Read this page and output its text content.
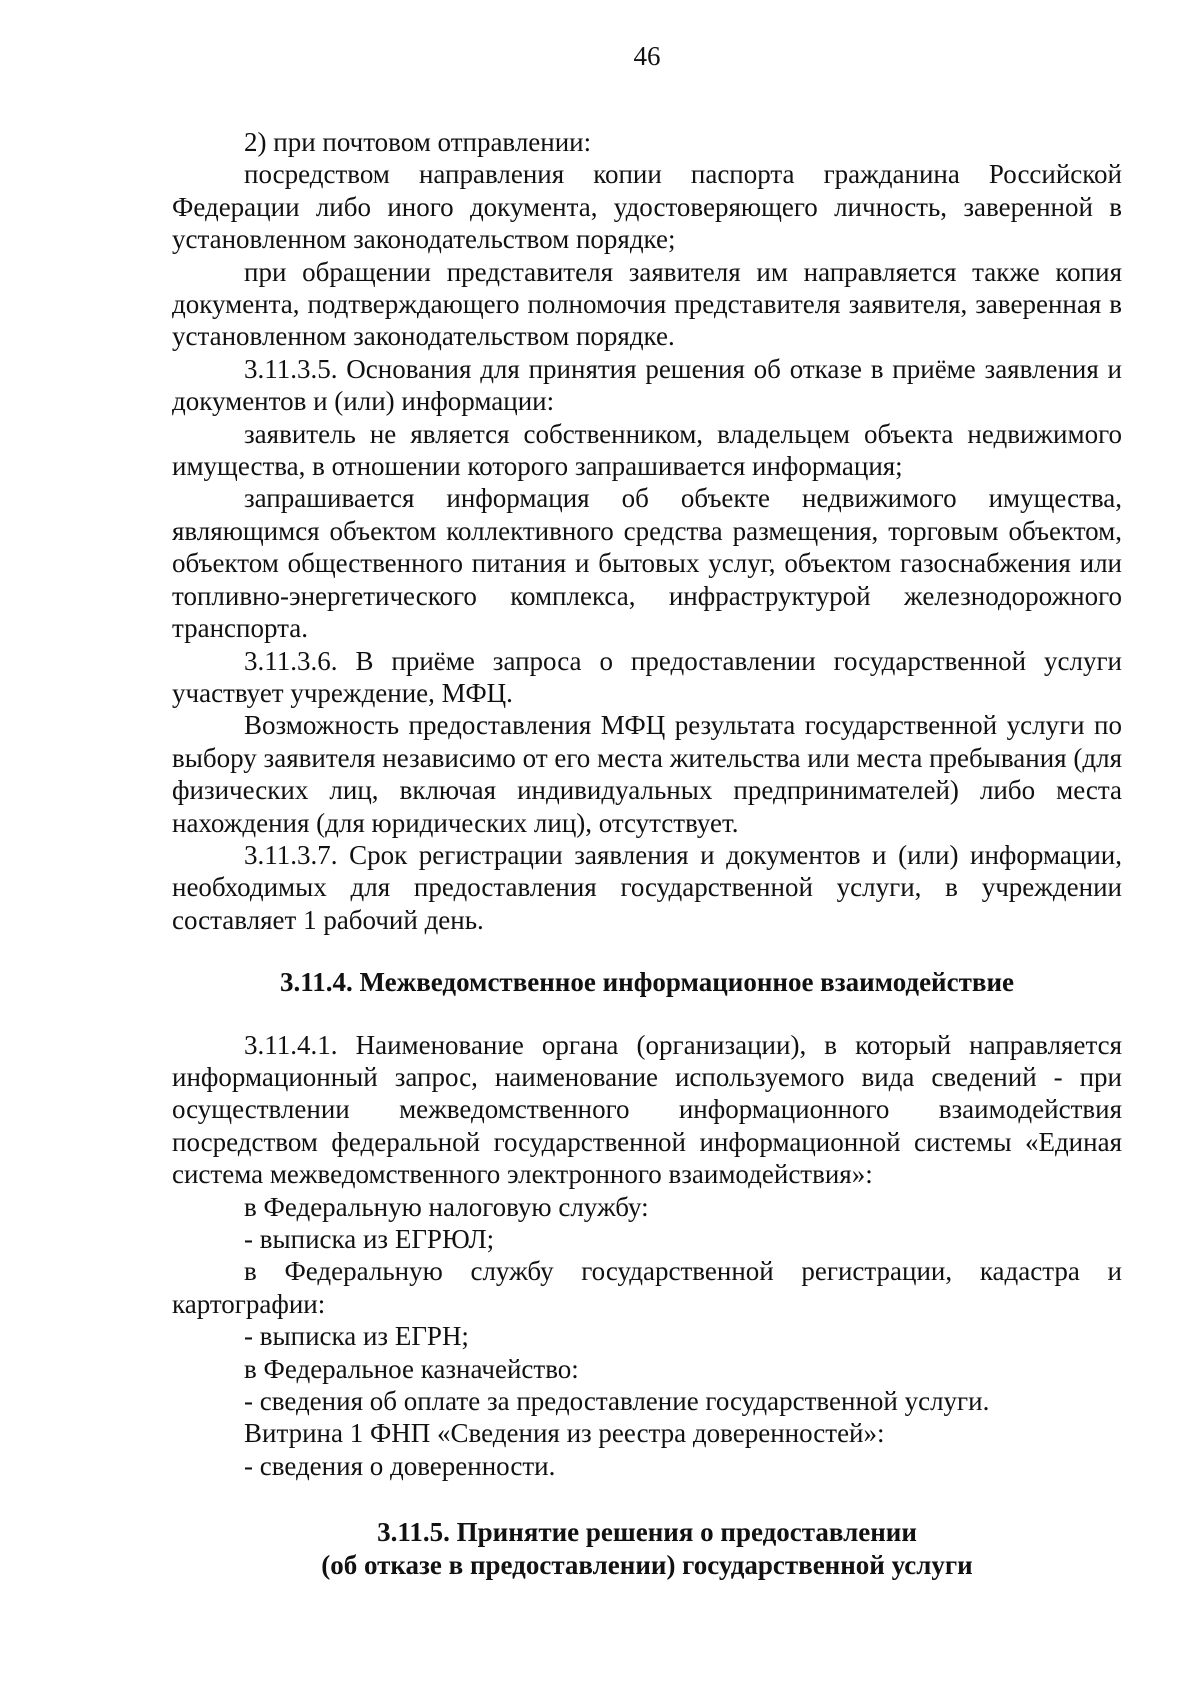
46

2) при почтовом отправлении:

посредством направления копии паспорта гражданина Российской Федерации либо иного документа, удостоверяющего личность, заверенной в установленном законодательством порядке;

при обращении представителя заявителя им направляется также копия документа, подтверждающего полномочия представителя заявителя, заверенная в установленном законодательством порядке.

3.11.3.5. Основания для принятия решения об отказе в приёме заявления и документов и (или) информации:

заявитель не является собственником, владельцем объекта недвижимого имущества, в отношении которого запрашивается информация;

запрашивается информация об объекте недвижимого имущества, являющимся объектом коллективного средства размещения, торговым объектом, объектом общественного питания и бытовых услуг, объектом газоснабжения или топливно-энергетического комплекса, инфраструктурой железнодорожного транспорта.

3.11.3.6. В приёме запроса о предоставлении государственной услуги участвует учреждение, МФЦ.

Возможность предоставления МФЦ результата государственной услуги по выбору заявителя независимо от его места жительства или места пребывания (для физических лиц, включая индивидуальных предпринимателей) либо места нахождения (для юридических лиц), отсутствует.

3.11.3.7. Срок регистрации заявления и документов и (или) информации, необходимых для предоставления государственной услуги, в учреждении составляет 1 рабочий день.

3.11.4. Межведомственное информационное взаимодействие

3.11.4.1. Наименование органа (организации), в который направляется информационный запрос, наименование используемого вида сведений - при осуществлении межведомственного информационного взаимодействия посредством федеральной государственной информационной системы «Единая система межведомственного электронного взаимодействия»:

в Федеральную налоговую службу:

- выписка из ЕГРЮЛ;

в Федеральную службу государственной регистрации, кадастра и картографии:

- выписка из ЕГРН;

в Федеральное казначейство:

- сведения об оплате за предоставление государственной услуги.

Витрина 1 ФНП «Сведения из реестра доверенностей»:

- сведения о доверенности.

3.11.5. Принятие решения о предоставлении
(об отказе в предоставлении) государственной услуги
